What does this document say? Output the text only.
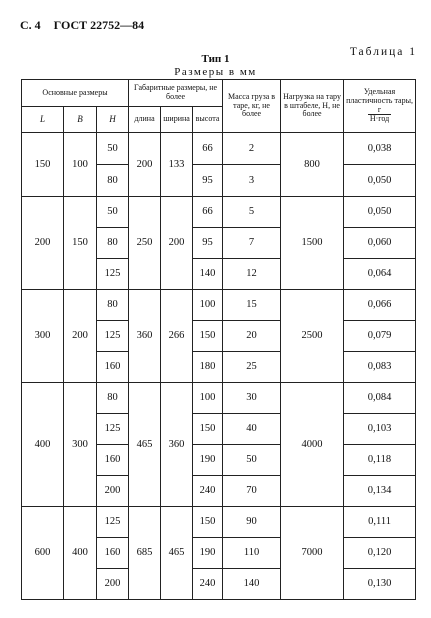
С. 4 ГОСТ 22752—84
Таблица 1
Тип 1
Размеры в мм
Основные размеры			Габаритные размеры, не более			Масса груза в таре, кг, не более	Нагрузка на тару в штабеле, Н, не более	Удельная пластичность тары,

$\frac{г}{\text{Н·год}}$

L	B	H	длина	ширина	высота			
150	100	50	200	133	66	2	800	0,038
		80			95	3		0,050
200	150	50	250	200	66	5	1500	0,050
		80			95	7		0,060
		125			140	12		0,064
300	200	80	360	266	100	15	2500	0,066
		125			150	20		0,079
		160			180	25		0,083
400	300	80	465	360	100	30	4000	0,084
		125			150	40		0,103
		160			190	50		0,118
		200			240	70		0,134
600	400	125	685	465	150	90	7000	0,111
		160			190	110		0,120
		200			240	140		0,130
